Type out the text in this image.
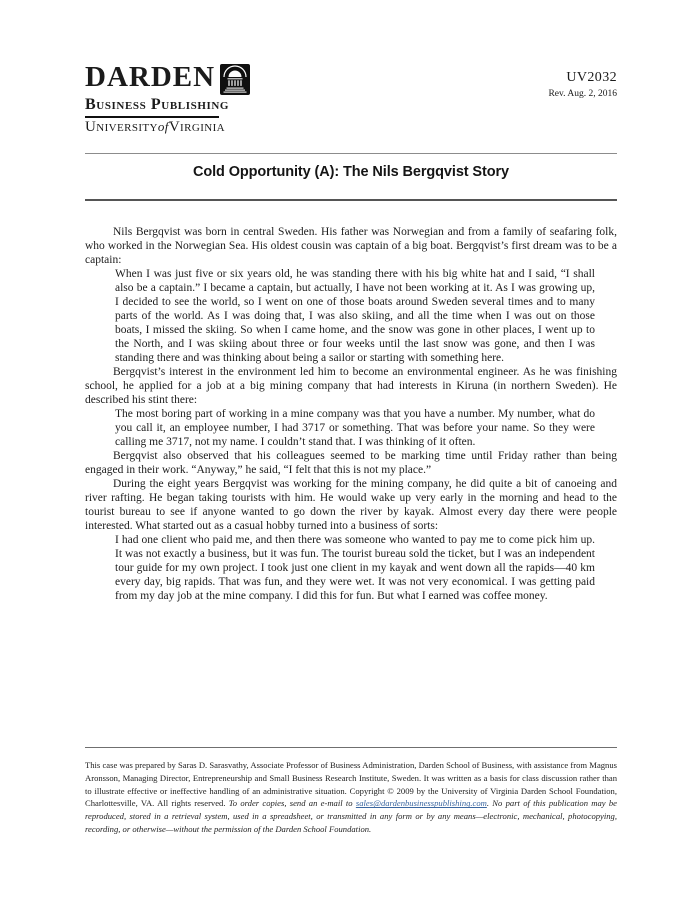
DARDEN
Business Publishing
UniversityofVirginia
UV2032
Rev. Aug. 2, 2016
Cold Opportunity (A): The Nils Bergqvist Story

Nils Bergqvist was born in central Sweden. His father was Norwegian and from a family of seafaring folk, who worked in the Norwegian Sea. His oldest cousin was captain of a big boat. Bergqvist’s first dream was to be a captain:

When I was just five or six years old, he was standing there with his big white hat and I said, “I shall also be a captain.” I became a captain, but actually, I have not been working at it. As I was growing up, I decided to see the world, so I went on one of those boats around Sweden several times and to many parts of the world. As I was doing that, I was also skiing, and all the time when I was out on those boats, I missed the skiing. So when I came home, and the snow was gone in other places, I went up to the North, and I was skiing about three or four weeks until the last snow was gone, and then I was standing there and was thinking about being a sailor or starting with something here.

Bergqvist’s interest in the environment led him to become an environmental engineer. As he was finishing school, he applied for a job at a big mining company that had interests in Kiruna (in northern Sweden). He described his stint there:

The most boring part of working in a mine company was that you have a number. My number, what do you call it, an employee number, I had 3717 or something. That was before your name. So they were calling me 3717, not my name. I couldn’t stand that. I was thinking of it often.

Bergqvist also observed that his colleagues seemed to be marking time until Friday rather than being engaged in their work. “Anyway,” he said, “I felt that this is not my place.”

During the eight years Bergqvist was working for the mining company, he did quite a bit of canoeing and river rafting. He began taking tourists with him. He would wake up very early in the morning and head to the tourist bureau to see if anyone wanted to go down the river by kayak. Almost every day there were people interested. What started out as a casual hobby turned into a business of sorts:

I had one client who paid me, and then there was someone who wanted to pay me to come pick him up. It was not exactly a business, but it was fun. The tourist bureau sold the ticket, but I was an independent tour guide for my own project. I took just one client in my kayak and went down all the rapids—40 km every day, big rapids. That was fun, and they were wet. It was not very economical. I was getting paid from my day job at the mine company. I did this for fun. But what I earned was coffee money.

This case was prepared by Saras D. Sarasvathy, Associate Professor of Business Administration, Darden School of Business, with assistance from Magnus Aronsson, Managing Director, Entrepreneurship and Small Business Research Institute, Sweden. It was written as a basis for class discussion rather than to illustrate effective or ineffective handling of an administrative situation. Copyright © 2009 by the University of Virginia Darden School Foundation, Charlottesville, VA. All rights reserved. To order copies, send an e-mail to sales@dardenbusinesspublishing.com. No part of this publication may be reproduced, stored in a retrieval system, used in a spreadsheet, or transmitted in any form or by any means—electronic, mechanical, photocopying, recording, or otherwise—without the permission of the Darden School Foundation.
